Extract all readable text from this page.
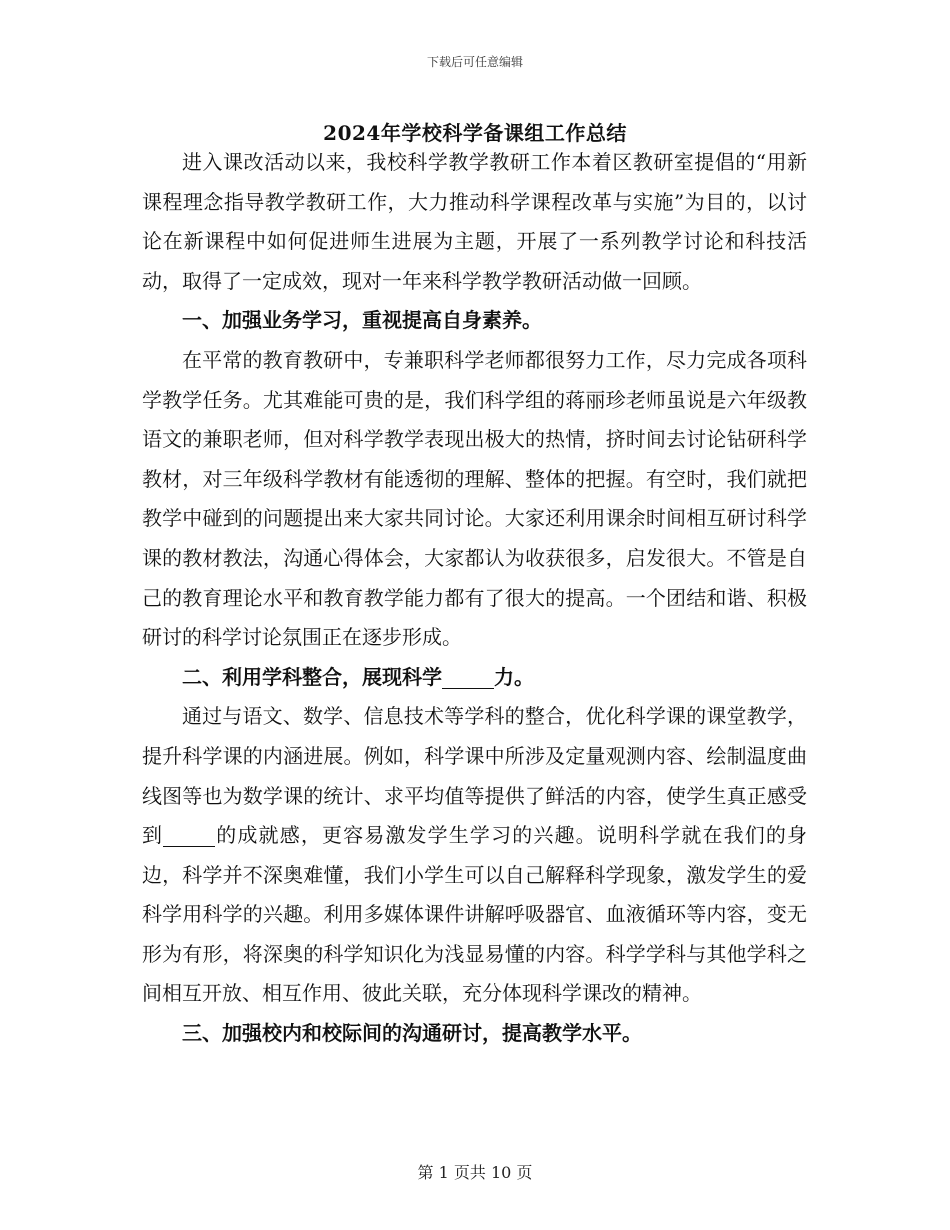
下载后可任意编辑
2024年学校科学备课组工作总结

进入课改活动以来，我校科学教学教研工作本着区教研室提倡的“用新课程理念指导教学教研工作，大力推动科学课程改革与实施”为目的，以讨论在新课程中如何促进师生进展为主题，开展了一系列教学讨论和科技活动，取得了一定成效，现对一年来科学教学教研活动做一回顾。

一、加强业务学习，重视提高自身素养。

在平常的教育教研中，专兼职科学老师都很努力工作，尽力完成各项科学教学任务。尤其难能可贵的是，我们科学组的蒋丽珍老师虽说是六年级教语文的兼职老师，但对科学教学表现出极大的热情，挤时间去讨论钻研科学教材，对三年级科学教材有能透彻的理解、整体的把握。有空时，我们就把教学中碰到的问题提出来大家共同讨论。大家还利用课余时间相互研讨科学课的教材教法，沟通心得体会，大家都认为收获很多，启发很大。不管是自己的教育理论水平和教育教学能力都有了很大的提高。一个团结和谐、积极研讨的科学讨论氛围正在逐步形成。

二、利用学科整合，展现科学	力。

通过与语文、数学、信息技术等学科的整合，优化科学课的课堂教学，提升科学课的内涵进展。例如，科学课中所涉及定量观测内容、绘制温度曲线图等也为数学课的统计、求平均值等提供了鲜活的内容，使学生真正感受到	的成就感，更容易激发学生学习的兴趣。说明科学就在我们的身边，科学并不深奥难懂，我们小学生可以自己解释科学现象，激发学生的爱科学用科学的兴趣。利用多媒体课件讲解呼吸器官、血液循环等内容，变无形为有形，将深奥的科学知识化为浅显易懂的内容。科学学科与其他学科之间相互开放、相互作用、彼此关联，充分体现科学课改的精神。

三、加强校内和校际间的沟通研讨，提高教学水平。

第 1 页共 10 页
